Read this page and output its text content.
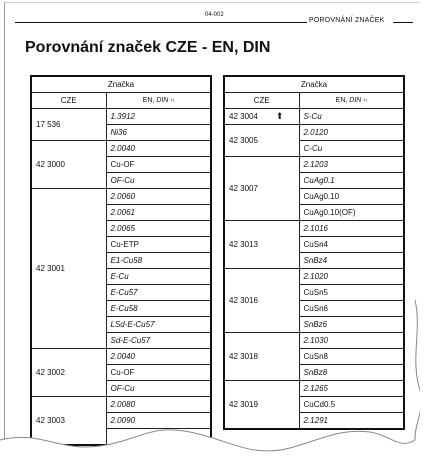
04-002
POROVNÁNÍ ZNAČEK
Porovnání značek CZE - EN, DIN
Značka	
CZE	EN, DIN $^{1)}$
17 536	1.3912
	Ni36
42 3000	2.0040
	Cu-OF
	OF-Cu
42 3001	2.0060
	2.0061
	2.0065
	Cu-ETP
	E1-Cu58
	E-Cu
	E-Cu57
	E-Cu58
	LSd-E-Cu57
	Sd-E-Cu57
42 3002	2.0040
	Cu-OF
	OF-Cu
42 3003	2.0080
	2.0090

Značka	
CZE	EN, DIN $^{1)}$
42 3004 ⬆	S-Cu
42 3005	2.0120
	C-Cu
42 3007	2.1203
	CuAg0.1
	CuAg0.10
	CuAg0.10(OF)
42 3013	2.1016
	CuSn4
	SnBz4
42 3016	2.1020
	CuSn5
	CuSn6
	SnBz6
42 3018	2.1030
	CuSn8
	SnBz8
42 3019	2.1265
	CuCd0.5
	2.1291
